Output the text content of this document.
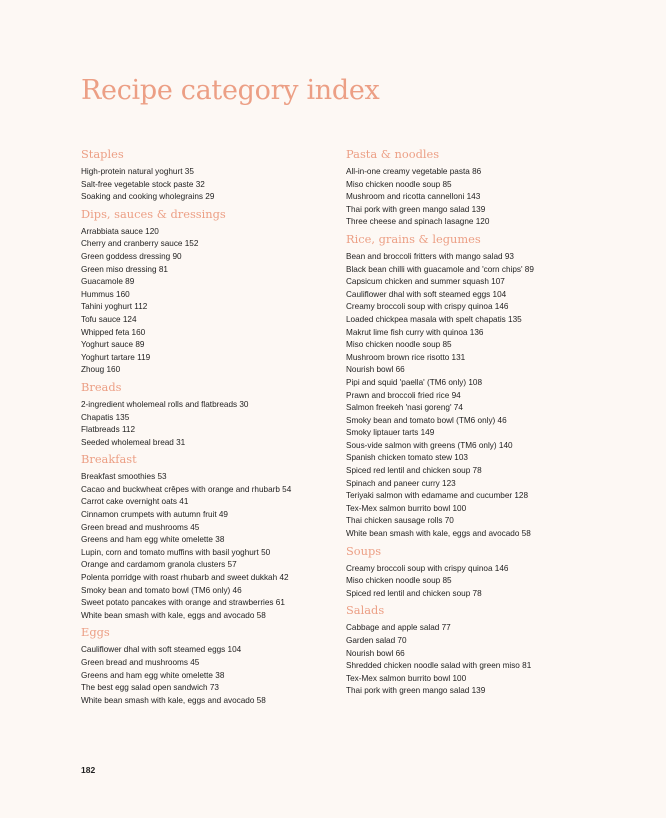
Recipe category index
Staples
High-protein natural yoghurt 35
Salt-free vegetable stock paste 32
Soaking and cooking wholegrains 29
Dips, sauces & dressings
Arrabbiata sauce 120
Cherry and cranberry sauce 152
Green goddess dressing 90
Green miso dressing 81
Guacamole 89
Hummus 160
Tahini yoghurt 112
Tofu sauce 124
Whipped feta 160
Yoghurt sauce 89
Yoghurt tartare 119
Zhoug 160
Breads
2-ingredient wholemeal rolls and flatbreads 30
Chapatis 135
Flatbreads 112
Seeded wholemeal bread 31
Breakfast
Breakfast smoothies 53
Cacao and buckwheat crêpes with orange and rhubarb 54
Carrot cake overnight oats 41
Cinnamon crumpets with autumn fruit 49
Green bread and mushrooms 45
Greens and ham egg white omelette 38
Lupin, corn and tomato muffins with basil yoghurt 50
Orange and cardamom granola clusters 57
Polenta porridge with roast rhubarb and sweet dukkah 42
Smoky bean and tomato bowl (TM6 only) 46
Sweet potato pancakes with orange and strawberries 61
White bean smash with kale, eggs and avocado 58
Eggs
Cauliflower dhal with soft steamed eggs 104
Green bread and mushrooms 45
Greens and ham egg white omelette 38
The best egg salad open sandwich 73
White bean smash with kale, eggs and avocado 58
Pasta & noodles
All-in-one creamy vegetable pasta 86
Miso chicken noodle soup 85
Mushroom and ricotta cannelloni 143
Thai pork with green mango salad 139
Three cheese and spinach lasagne 120
Rice, grains & legumes
Bean and broccoli fritters with mango salad 93
Black bean chilli with guacamole and 'corn chips' 89
Capsicum chicken and summer squash 107
Cauliflower dhal with soft steamed eggs 104
Creamy broccoli soup with crispy quinoa 146
Loaded chickpea masala with spelt chapatis 135
Makrut lime fish curry with quinoa 136
Miso chicken noodle soup 85
Mushroom brown rice risotto 131
Nourish bowl 66
Pipi and squid 'paella' (TM6 only) 108
Prawn and broccoli fried rice 94
Salmon freekeh 'nasi goreng' 74
Smoky bean and tomato bowl (TM6 only) 46
Smoky liptauer tarts 149
Sous-vide salmon with greens (TM6 only) 140
Spanish chicken tomato stew 103
Spiced red lentil and chicken soup 78
Spinach and paneer curry 123
Teriyaki salmon with edamame and cucumber 128
Tex-Mex salmon burrito bowl 100
Thai chicken sausage rolls 70
White bean smash with kale, eggs and avocado 58
Soups
Creamy broccoli soup with crispy quinoa 146
Miso chicken noodle soup 85
Spiced red lentil and chicken soup 78
Salads
Cabbage and apple salad 77
Garden salad 70
Nourish bowl 66
Shredded chicken noodle salad with green miso 81
Tex-Mex salmon burrito bowl 100
Thai pork with green mango salad 139
182
